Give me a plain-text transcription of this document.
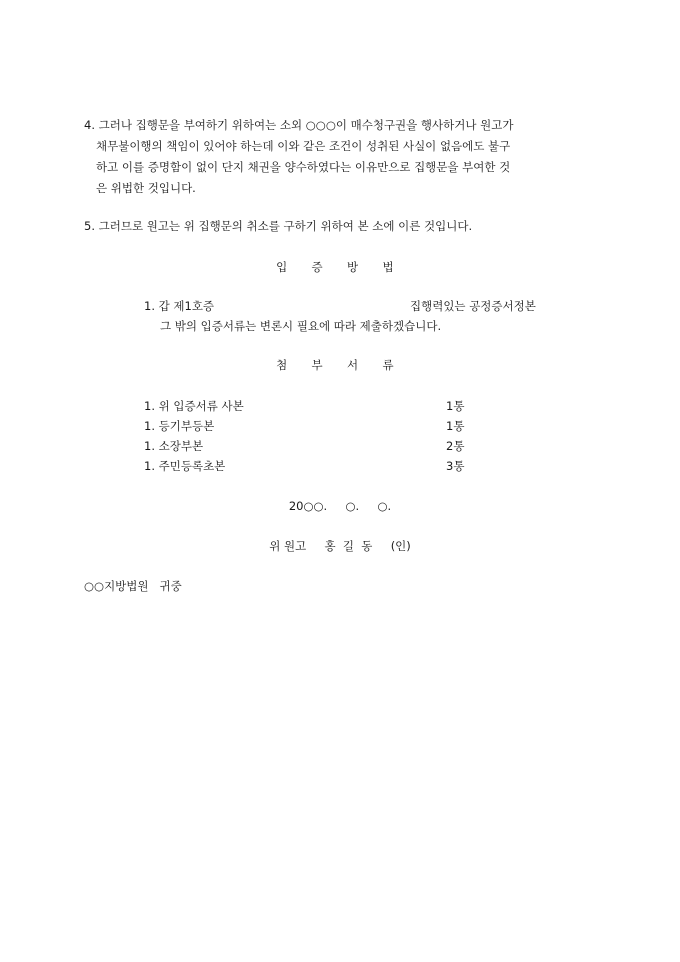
4. 그러나 집행문을 부여하기 위하여는 소외 ○○○이 매수청구권을 행사하거나 원고가
채무불이행의 책임이 있어야 하는데 이와 같은 조건이 성취된 사실이 없음에도 불구
하고 이를 증명함이 없이 단지 채권을 양수하였다는 이유만으로 집행문을 부여한 것
은 위법한 것입니다.
5. 그러므로 원고는 위 집행문의 취소를 구하기 위하여 본 소에 이른 것입니다.
입 증 방 법
1. 갑 제1호증	집행력있는 공정증서정본
그 밖의 입증서류는 변론시 필요에 따라 제출하겠습니다.
첨 부 서 류
1. 위 입증서류 사본	1통
1. 등기부등본	1통
1. 소장부본	2통
1. 주민등록초본	3통
20○○.     ○.     ○.
위 원고     홍  길  동     (인)
○○지방법원   귀중
